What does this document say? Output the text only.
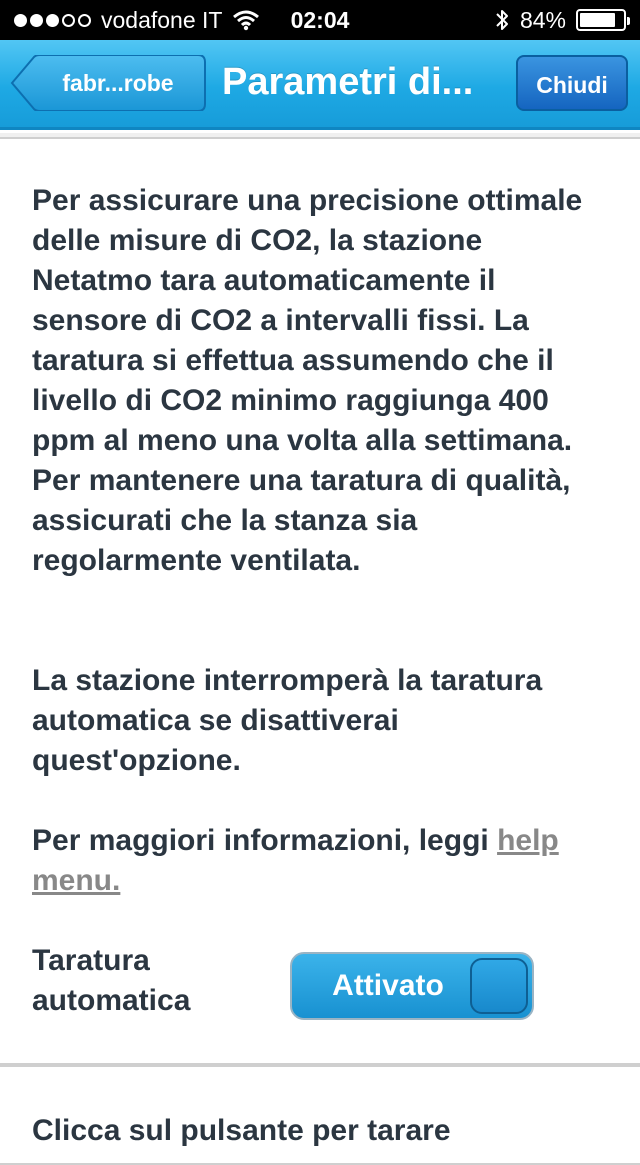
vodafone IT	02:04	84%
fabr...robe	Parametri di...	Chiudi

Per assicurare una precisione ottimale delle misure di CO2, la stazione Netatmo tara automaticamente il sensore di CO2 a intervalli fissi. La taratura si effettua assumendo che il livello di CO2 minimo raggiunga 400 ppm al meno una volta alla settimana. Per mantenere una taratura di qualità, assicurati che la stanza sia regolarmente ventilata.

La stazione interromperà la taratura automatica se disattiverai quest'opzione.

Per maggiori informazioni, leggi help menu.

Taratura automatica	Attivato

Clicca sul pulsante per tarare
